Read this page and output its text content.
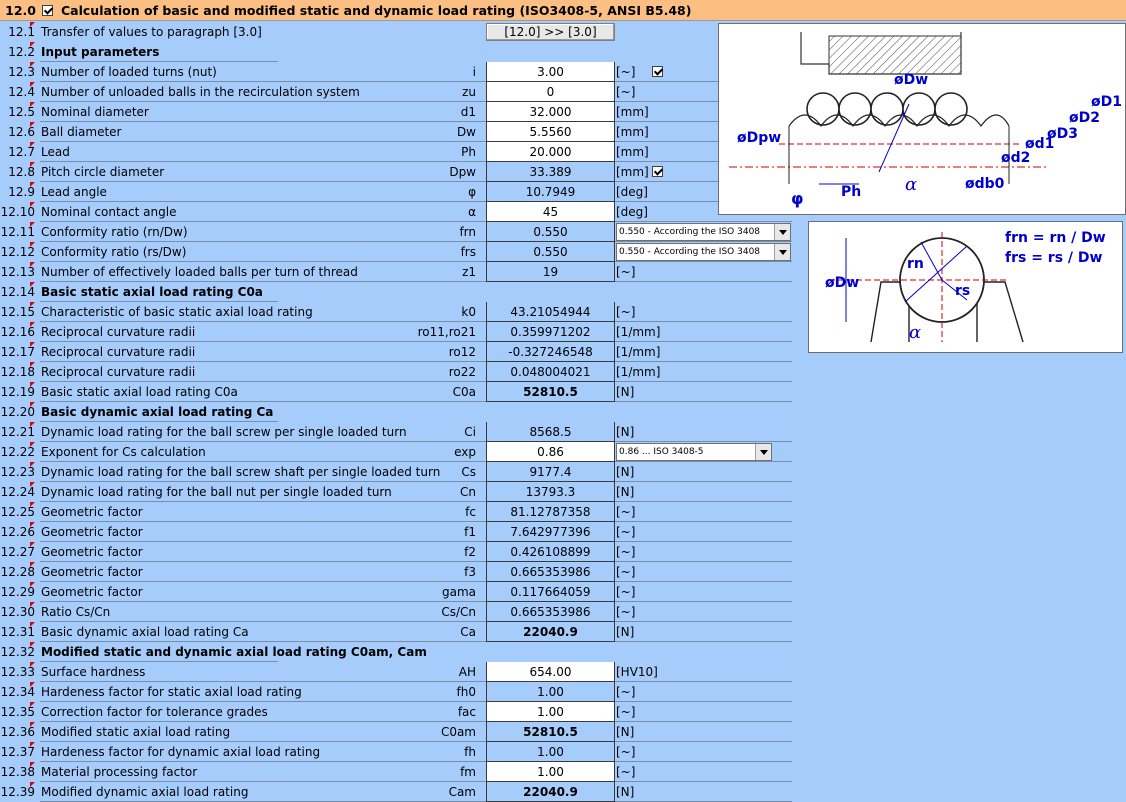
12.0 Calculation of basic and modified static and dynamic load rating (ISO3408-5, ANSI B5.48)
12.1 Transfer of values to paragraph [3.0]	[12.0] >> [3.0]
12.2 Input parameters
12.3 Number of loaded turns (nut)	i	3.00	[~]
12.4 Number of unloaded balls in the recirculation system	zu	0	[~]
12.5 Nominal diameter	d1	32.000	[mm]
12.6 Ball diameter	Dw	5.5560	[mm]
12.7 Lead	Ph	20.000	[mm]
12.8 Pitch circle diameter	Dpw	33.389	[mm]
12.9 Lead angle	φ	10.7949	[deg]
12.10 Nominal contact angle	α	45	[deg]
12.11 Conformity ratio (rn/Dw)	frn	0.550	0.550 - According the ISO 3408
12.12 Conformity ratio (rs/Dw)	frs	0.550	0.550 - According the ISO 3408
12.13 Number of effectively loaded balls per turn of thread	z1	19	[~]
12.14 Basic static axial load rating C0a
12.15 Characteristic of basic static axial load rating	k0	43.21054944	[~]
12.16 Reciprocal curvature radii	ro11,ro21	0.359971202	[1/mm]
12.17 Reciprocal curvature radii	ro12	-0.327246548	[1/mm]
12.18 Reciprocal curvature radii	ro22	0.048004021	[1/mm]
12.19 Basic static axial load rating C0a	C0a	52810.5	[N]
12.20 Basic dynamic axial load rating Ca
12.21 Dynamic load rating for the ball screw per single loaded turn	Ci	8568.5	[N]
12.22 Exponent for Cs calculation	exp	0.86	0.86 ... ISO 3408-5
12.23 Dynamic load rating for the ball screw shaft per single loaded turn	Cs	9177.4	[N]
12.24 Dynamic load rating for the ball nut per single loaded turn	Cn	13793.3	[N]
12.25 Geometric factor	fc	81.12787358	[~]
12.26 Geometric factor	f1	7.642977396	[~]
12.27 Geometric factor	f2	0.426108899	[~]
12.28 Geometric factor	f3	0.665353986	[~]
12.29 Geometric factor	gama	0.117664059	[~]
12.30 Ratio Cs/Cn	Cs/Cn	0.665353986	[~]
12.31 Basic dynamic axial load rating Ca	Ca	22040.9	[N]
12.32 Modified static and dynamic axial load rating C0am, Cam
12.33 Surface hardness	AH	654.00	[HV10]
12.34 Hardeness factor for static axial load rating	fh0	1.00	[~]
12.35 Correction factor for tolerance grades	fac	1.00	[~]
12.36 Modified static axial load rating	C0am	52810.5	[N]
12.37 Hardeness factor for dynamic axial load rating	fh	1.00	[~]
12.38 Material processing factor	fm	1.00	[~]
12.39 Modified dynamic axial load rating	Cam	22040.9	[N]
øDw
øD1
øD2
øD3
øDpw	ød1
ød2
ødb0
Ph
φ
α
frn = rn / Dw
frs = rs / Dw
øDw
rn
rs
α
